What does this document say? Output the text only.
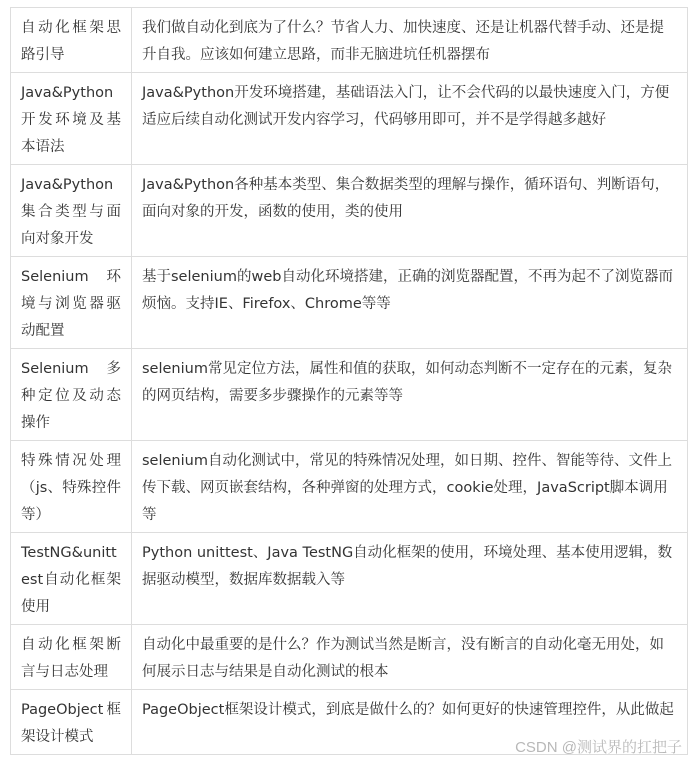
自动化框架思路引导	我们做自动化到底为了什么？节省人力、加快速度、还是让机器代替手动、还是提升自我。应该如何建立思路，而非无脑进坑任机器摆布
Java&Python开发环境及基本语法	Java&Python开发环境搭建，基础语法入门，让不会代码的以最快速度入门，方便适应后续自动化测试开发内容学习，代码够用即可，并不是学得越多越好
Java&Python集合类型与面向对象开发	Java&Python各种基本类型、集合数据类型的理解与操作，循环语句、判断语句，面向对象的开发，函数的使用，类的使用
Selenium 环境与浏览器驱动配置	基于selenium的web自动化环境搭建，正确的浏览器配置，不再为起不了浏览器而烦恼。支持IE、Firefox、Chrome等等
Selenium 多种定位及动态操作	selenium常见定位方法，属性和值的获取，如何动态判断不一定存在的元素，复杂的网页结构，需要多步骤操作的元素等等
特殊情况处理（js、特殊控件等）	selenium自动化测试中，常见的特殊情况处理，如日期、控件、智能等待、文件上传下载、网页嵌套结构，各种弹窗的处理方式，cookie处理，JavaScript脚本调用等
TestNG&unittest自动化框架使用	Python unittest、Java TestNG自动化框架的使用，环境处理、基本使用逻辑，数据驱动模型，数据库数据载入等
自动化框架断言与日志处理	自动化中最重要的是什么？作为测试当然是断言，没有断言的自动化毫无用处，如何展示日志与结果是自动化测试的根本
PageObject框架设计模式	PageObject框架设计模式，到底是做什么的？如何更好的快速管理控件，从此做起
CSDN @测试界的扛把子
